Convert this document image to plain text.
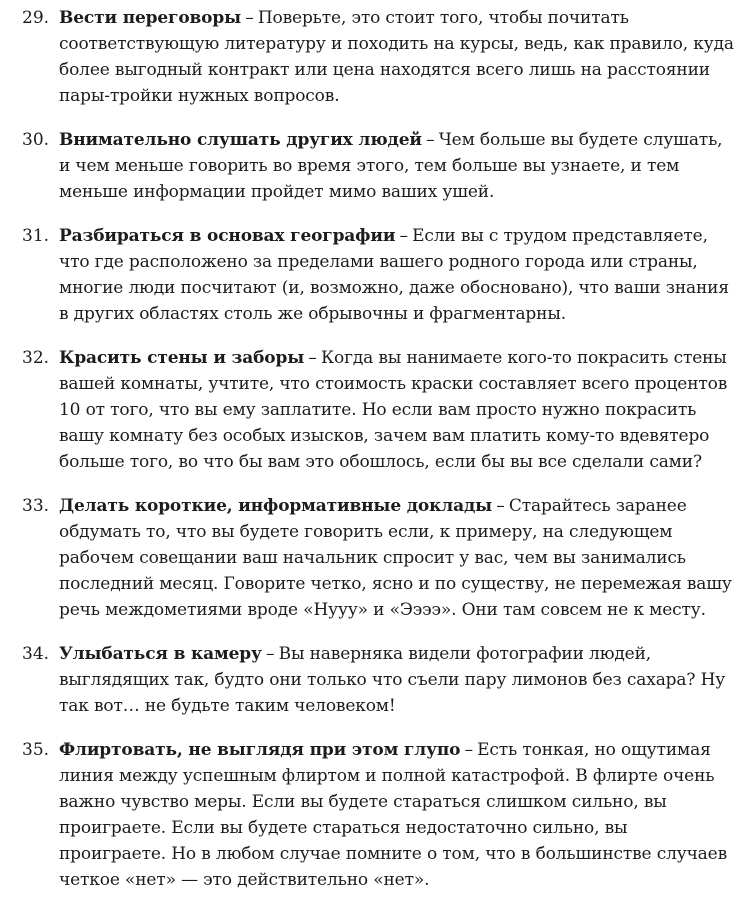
29. Вести переговоры – Поверьте, это стоит того, чтобы почитать соответствующую литературу и походить на курсы, ведь, как правило, куда более выгодный контракт или цена находятся всего лишь на расстоянии пары-тройки нужных вопросов.
30. Внимательно слушать других людей – Чем больше вы будете слушать, и чем меньше говорить во время этого, тем больше вы узнаете, и тем меньше информации пройдет мимо ваших ушей.
31. Разбираться в основах географии – Если вы с трудом представляете, что где расположено за пределами вашего родного города или страны, многие люди посчитают (и, возможно, даже обосновано), что ваши знания в других областях столь же обрывочны и фрагментарны.
32. Красить стены и заборы – Когда вы нанимаете кого-то покрасить стены вашей комнаты, учтите, что стоимость краски составляет всего процентов 10 от того, что вы ему заплатите. Но если вам просто нужно покрасить вашу комнату без особых изысков, зачем вам платить кому-то вдевятеро больше того, во что бы вам это обошлось, если бы вы все сделали сами?
33. Делать короткие, информативные доклады – Старайтесь заранее обдумать то, что вы будете говорить если, к примеру, на следующем рабочем совещании ваш начальник спросит у вас, чем вы занимались последний месяц. Говорите четко, ясно и по существу, не перемежая вашу речь междометиями вроде «Нууу» и «Ээээ». Они там совсем не к месту.
34. Улыбаться в камеру – Вы наверняка видели фотографии людей, выглядящих так, будто они только что съели пару лимонов без сахара? Ну так вот… не будьте таким человеком!
35. Флиртовать, не выглядя при этом глупо – Есть тонкая, но ощутимая линия между успешным флиртом и полной катастрофой. В флирте очень важно чувство меры. Если вы будете стараться слишком сильно, вы проиграете. Если вы будете стараться недостаточно сильно, вы проиграете. Но в любом случае помните о том, что в большинстве случаев четкое «нет» — это действительно «нет».
